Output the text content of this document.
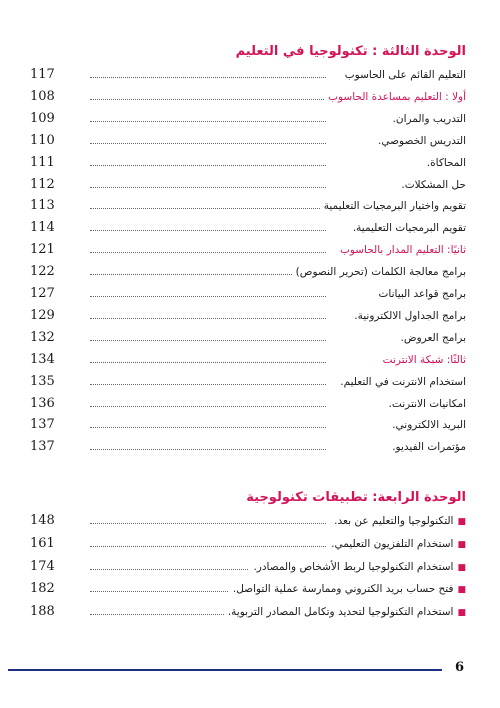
الوحدة الثالثة : تكنولوجيا في التعليم
117	التعليم القائم على الحاسوب
108	أولا : التعليم بمساعدة الحاسوب
109	التدريب والمران.
110	التدريس الخصوصي.
111	المحاكاة.
112	حل المشكلات.
113	تقويم واختيار البرمجيات التعليمية
114	تقويم البرمجيات التعليمية.
121	ثانيًا: التعليم المدار بالحاسوب
122	برامج معالجة الكلمات (تحرير النصوص)
127	برامج قواعد البيانات
129	برامج الجداول الالكترونية.
132	برامج العروض.
134	ثالثًا: شبكة الانترنت
135	استخدام الانترنت في التعليم.
136	امكانيات الانترنت.
137	البريد الالكتروني.
137	مؤتمرات الفيديو.
الوحدة الرابعة: تطبيقات تكنولوجية
148	■التكنولوجيا والتعليم عن بعد.
161	■استخدام التلفزيون التعليمي.
174	■استخدام التكنولوجيا لربط الأشخاص والمصادر.
182	■فتح حساب بريد الكتروني وممارسة عملية التواصل.
188	■استخدام التكنولوجيا لتحديد وتكامل المصادر التربوية.
6
